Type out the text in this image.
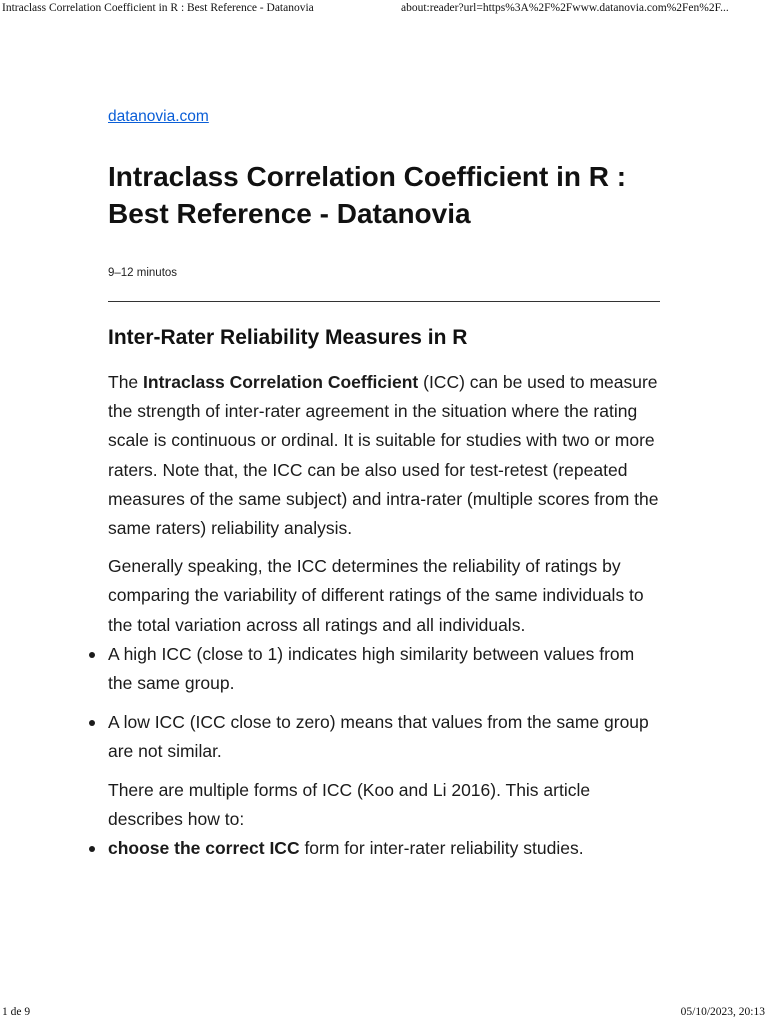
Intraclass Correlation Coefficient in R : Best Reference - Datanovia	about:reader?url=https%3A%2F%2Fwww.datanovia.com%2Fen%2F...
datanovia.com
Intraclass Correlation Coefficient in R : Best Reference - Datanovia
9–12 minutos
Inter-Rater Reliability Measures in R

The Intraclass Correlation Coefficient (ICC) can be used to measure the strength of inter-rater agreement in the situation where the rating scale is continuous or ordinal. It is suitable for studies with two or more raters. Note that, the ICC can be also used for test-retest (repeated measures of the same subject) and intra-rater (multiple scores from the same raters) reliability analysis.

Generally speaking, the ICC determines the reliability of ratings by comparing the variability of different ratings of the same individuals to the total variation across all ratings and all individuals.

A high ICC (close to 1) indicates high similarity between values from the same group.
A low ICC (ICC close to zero) means that values from the same group are not similar.

There are multiple forms of ICC (Koo and Li 2016). This article describes how to:

choose the correct ICC form for inter-rater reliability studies.
1 de 9	05/10/2023, 20:13
